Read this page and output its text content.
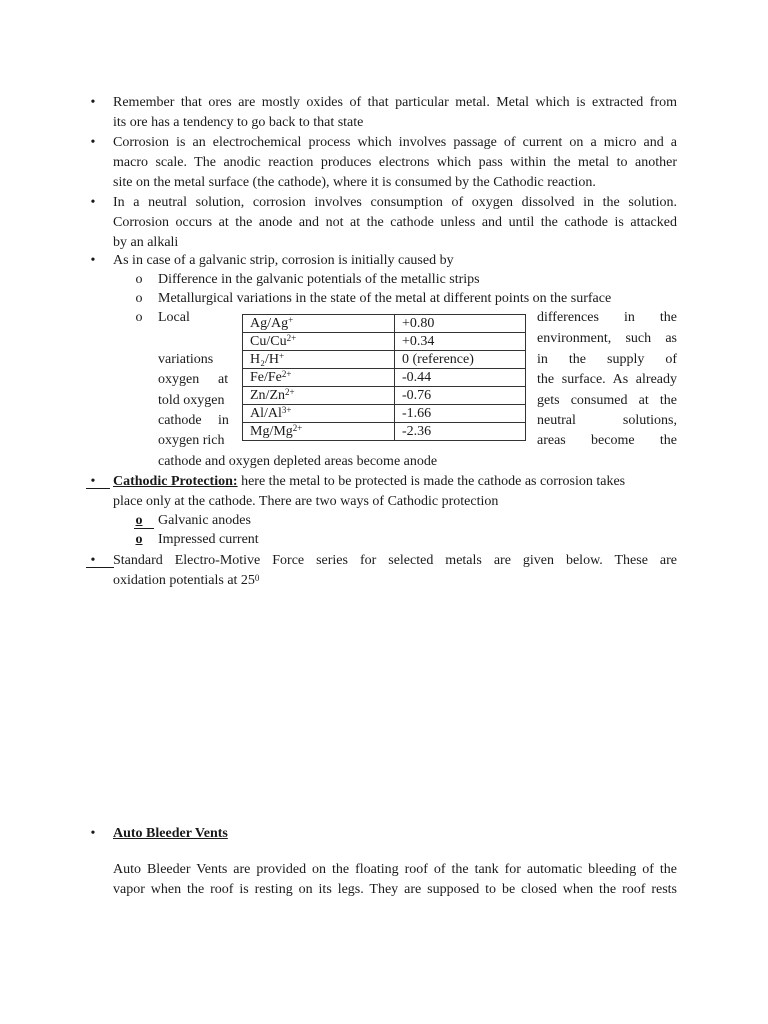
• Remember that ores are mostly oxides of that particular metal. Metal which is extracted from
its ore has a tendency to go back to that state
• Corrosion is an electrochemical process which involves passage of current on a micro and a
macro scale. The anodic reaction produces electrons which pass within the metal to another
site on the metal surface (the cathode), where it is consumed by the Cathodic reaction.
• In a neutral solution, corrosion involves consumption of oxygen dissolved in the solution.
Corrosion occurs at the anode and not at the cathode unless and until the cathode is attacked
by an alkali
• As in case of a galvanic strip, corrosion is initially caused by
o Difference in the galvanic potentials of the metallic strips
o Metallurgical variations in the state of the metal at different points on the surface
o Local
variations
oxygen at
told oxygen
cathode in
oxygen rich
differences in the
environment, such as
in the supply of
the surface. As already
gets consumed at the
neutral solutions,
areas become the
cathode and oxygen depleted areas become anode
Ag/Ag+	+0.80
$Cu/Cu^{2+}$	+0.34
H₂/H+	0 (reference)
$Fe/Fe^{2+}$	-0.44
$Zn/Zn^{2+}$	-0.76
$Al/Al^{3+}$	-1.66
$Mg/Mg^{2+}$	-2.36
• Cathodic Protection: here the metal to be protected is made the cathode as corrosion takes
place only at the cathode. There are two ways of Cathodic protection
o Galvanic anodes
o Impressed current
• Standard Electro-Motive Force series for selected metals are given below. These are
oxidation potentials at $25^0$
• Auto Bleeder Vents
Auto Bleeder Vents are provided on the floating roof of the tank for automatic bleeding of the
vapor when the roof is resting on its legs. They are supposed to be closed when the roof rests
